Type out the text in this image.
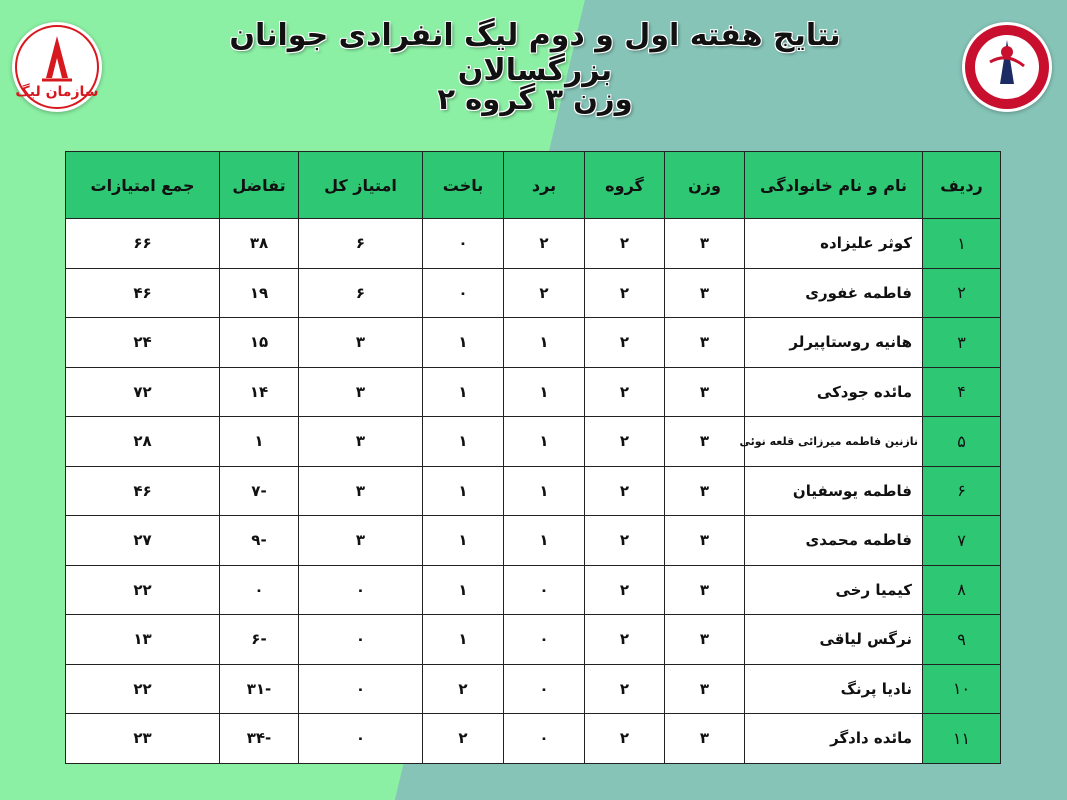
نتایج هفته اول و دوم لیگ انفرادی جوانان بزرگسالان
وزن ۳ گروه ۲
سازمان لیگ
ردیف	نام و نام خانوادگی	وزن	گروه	برد	باخت	امتیاز کل	تفاضل	جمع امتیازات
۱	کوثر علیزاده	۳	۲	۲	۰	۶	۳۸	۶۶
۲	فاطمه غفوری	۳	۲	۲	۰	۶	۱۹	۴۶
۳	هانیه روستاپیرلر	۳	۲	۱	۱	۳	۱۵	۲۴
۴	مائده جودکی	۳	۲	۱	۱	۳	۱۴	۷۲
۵	نازنین فاطمه میرزائی قلعه نوئی	۳	۲	۱	۱	۳	۱	۲۸
۶	فاطمه یوسفیان	۳	۲	۱	۱	۳	-۷	۴۶
۷	فاطمه محمدی	۳	۲	۱	۱	۳	-۹	۲۷
۸	کیمیا رخی	۳	۲	۰	۱	۰	۰	۲۲
۹	نرگس لیاقی	۳	۲	۰	۱	۰	-۶	۱۳
۱۰	نادیا پرنگ	۳	۲	۰	۲	۰	-۳۱	۲۲
۱۱	مائده دادگر	۳	۲	۰	۲	۰	-۳۴	۲۳
